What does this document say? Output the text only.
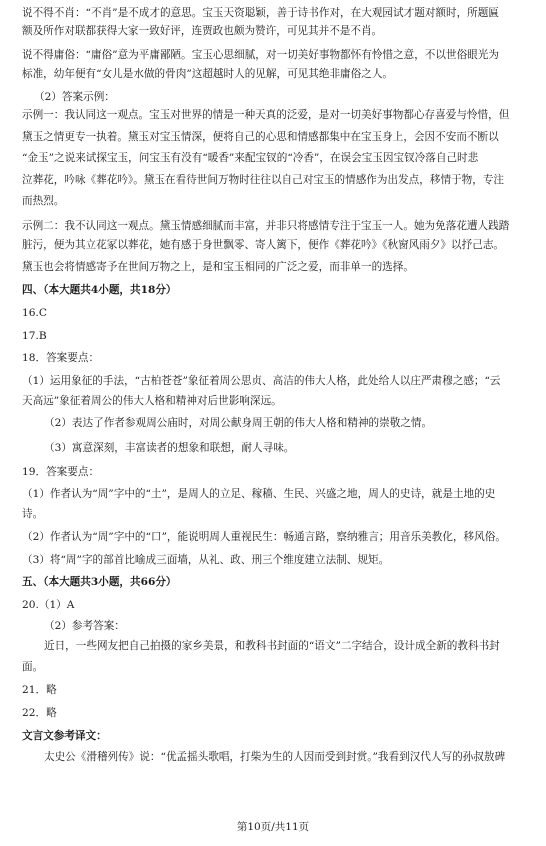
说不得不肖：“不肖”是不成才的意思。宝玉天资聪颖，善于诗书作对，在大观园试才题对额时，所题匾
额及所作对联都获得大家一致好评，连贾政也颇为赞许，可见其并不是不肖。
说不得庸俗：“庸俗”意为平庸鄙陋。宝玉心思细腻，对一切美好事物都怀有怜惜之意，不以世俗眼光为
标准，幼年便有“女儿是水做的骨肉”这超越时人的见解，可见其绝非庸俗之人。
（2）答案示例：
示例一：我认同这一观点。宝玉对世界的情是一种天真的泛爱，是对一切美好事物都心存喜爱与怜惜，但
黛玉之情更专一执着。黛玉对宝玉情深，便将自己的心思和情感都集中在宝玉身上，会因不安而不断以
“金玉”之说来试探宝玉，问宝玉有没有“暖香”来配宝钗的“冷香”，在误会宝玉因宝钗冷落自己时悲
泣葬花，吟咏《葬花吟》。黛玉在看待世间万物时往往以自己对宝玉的情感作为出发点，移情于物，专注
而热烈。
示例二：我不认同这一观点。黛玉情感细腻而丰富，并非只将感情专注于宝玉一人。她为免落花遭人践踏
脏污，便为其立花冢以葬花，她有感于身世飘零、寄人篱下，便作《葬花吟》《秋窗风雨夕》以抒己志。
黛玉也会将情感寄予在世间万物之上，是和宝玉相同的广泛之爱，而非单一的选择。
四、（本大题共4小题，共18分）
16.C
17.B
18．答案要点：
（1）运用象征的手法，“古柏苍苍”象征着周公思贞、高洁的伟大人格，此处给人以庄严肃穆之感；“云
天高远”象征着周公的伟大人格和精神对后世影响深远。
（2）表达了作者参观周公庙时，对周公献身周王朝的伟大人格和精神的崇敬之情。
（3）寓意深刻，丰富读者的想象和联想，耐人寻味。
19．答案要点：
（1）作者认为“周”字中的“土”，是周人的立足、稼穑、生民、兴盛之地，周人的史诗，就是土地的史
诗。
（2）作者认为“周”字中的“口”，能说明周人重视民生：畅通言路，察纳雅言；用音乐美教化，移风俗。
（3）将“周”字的部首比喻成三面墙，从礼、政、刑三个维度建立法制、规矩。
五、（本大题共3小题，共66分）
20.（1）A
（2）参考答案：
近日，一些网友把自己拍摄的家乡美景，和教科书封面的“语文”二字结合，设计成全新的教科书封
面。
21．略
22．略
文言文参考译文：
太史公《滑稽列传》说：“优孟摇头歌唱，打柴为生的人因而受到封赏。”我看到汉代人写的孙叔敖碑
第10页/共11页
